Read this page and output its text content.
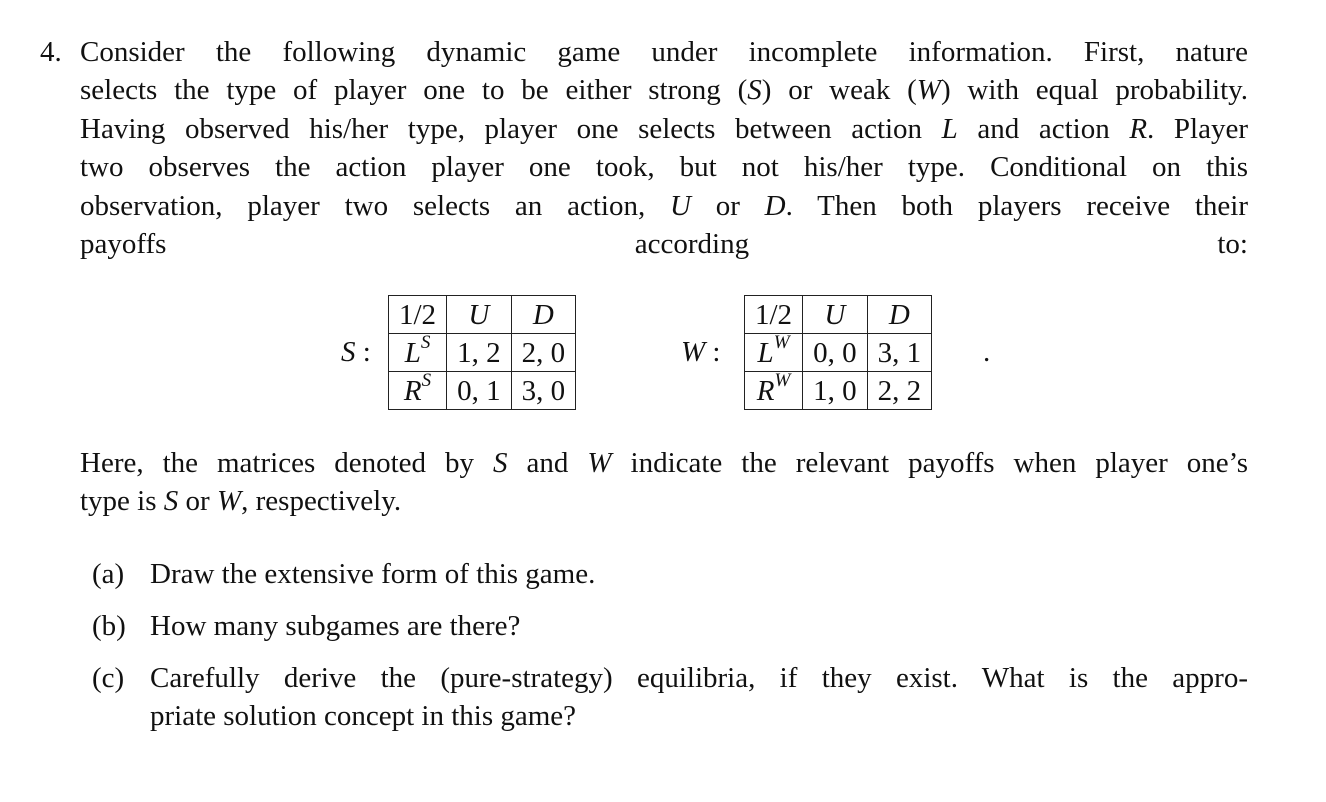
4. Consider the following dynamic game under incomplete information. First, nature
selects the type of player one to be either strong (S) or weak (W) with equal probability.
Having observed his/her type, player one selects between action L and action R. Player
two observes the action player one took, but not his/her type. Conditional on this
observation, player two selects an action, U or D. Then both players receive their
payoffs according to:
S :
1/2	U	D
$L^S$	1, 2	2, 0
$R^S$	0, 1	3, 0
W :
1/2	U	D
$L^W$	0, 0	3, 1
$R^W$	1, 0	2, 2
.
Here, the matrices denoted by S and W indicate the relevant payoffs when player one’s
type is S or W, respectively.
(a) Draw the extensive form of this game.
(b) How many subgames are there?
(c) Carefully derive the (pure-strategy) equilibria, if they exist. What is the appro-
priate solution concept in this game?
